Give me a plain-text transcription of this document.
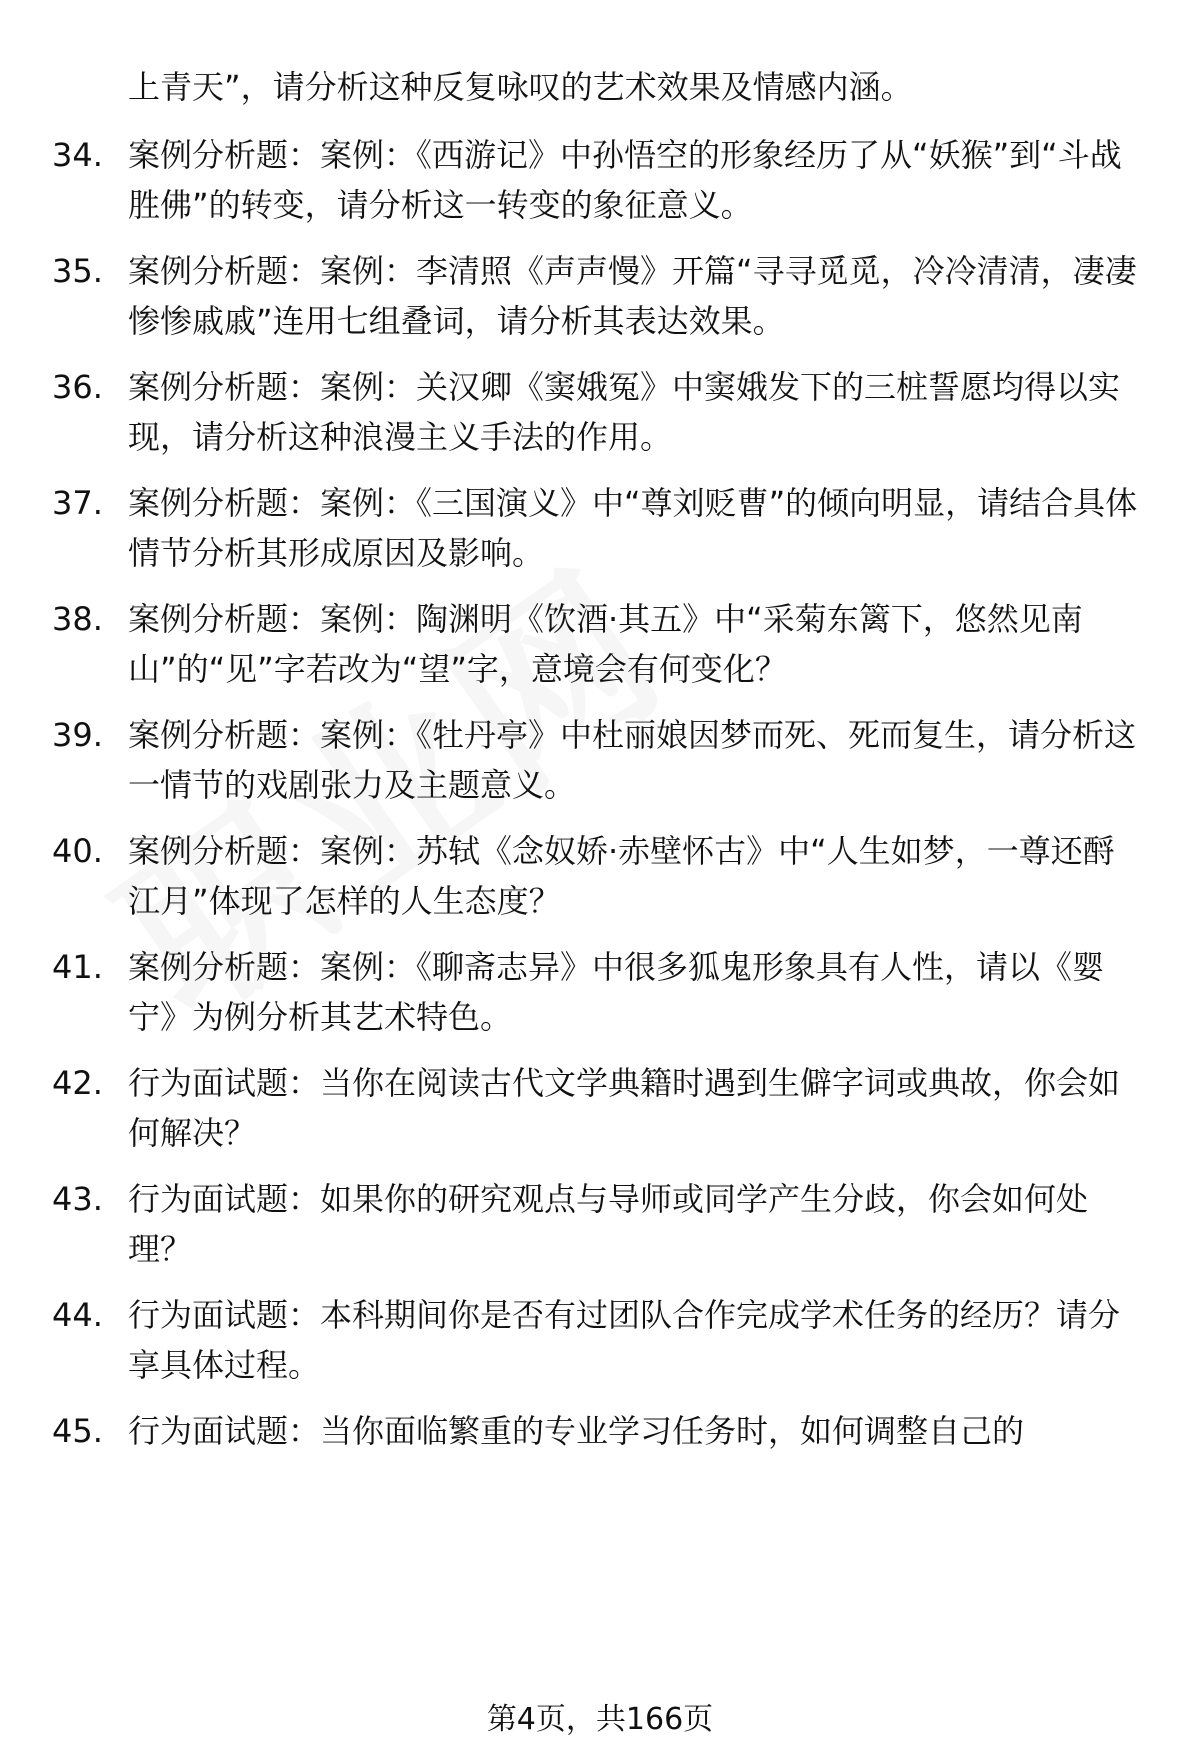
上青天”，请分析这种反复咏叹的艺术效果及情感内涵。
34. 案例分析题：案例：《西游记》中孙悟空的形象经历了从“妖猴”到“斗战胜佛”的转变，请分析这一转变的象征意义。
35. 案例分析题：案例：李清照《声声慢》开篇“寻寻觅觅，冷冷清清，凄凄惨惨戚戚”连用七组叠词，请分析其表达效果。
36. 案例分析题：案例：关汉卿《窦娥冤》中窦娥发下的三桩誓愿均得以实现，请分析这种浪漫主义手法的作用。
37. 案例分析题：案例：《三国演义》中“尊刘贬曹”的倾向明显，请结合具体情节分析其形成原因及影响。
38. 案例分析题：案例：陶渊明《饮酒·其五》中“采菊东篱下，悠然见南山”的“见”字若改为“望”字，意境会有何变化？
39. 案例分析题：案例：《牡丹亭》中杜丽娘因梦而死、死而复生，请分析这一情节的戏剧张力及主题意义。
40. 案例分析题：案例：苏轼《念奴娇·赤壁怀古》中“人生如梦，一尊还酹江月”体现了怎样的人生态度？
41. 案例分析题：案例：《聊斋志异》中很多狐鬼形象具有人性，请以《婴宁》为例分析其艺术特色。
42. 行为面试题：当你在阅读古代文学典籍时遇到生僻字词或典故，你会如何解决？
43. 行为面试题：如果你的研究观点与导师或同学产生分歧，你会如何处理？
44. 行为面试题：本科期间你是否有过团队合作完成学术任务的经历？请分享具体过程。
45. 行为面试题：当你面临繁重的专业学习任务时，如何调整自己的
第4页，共166页
